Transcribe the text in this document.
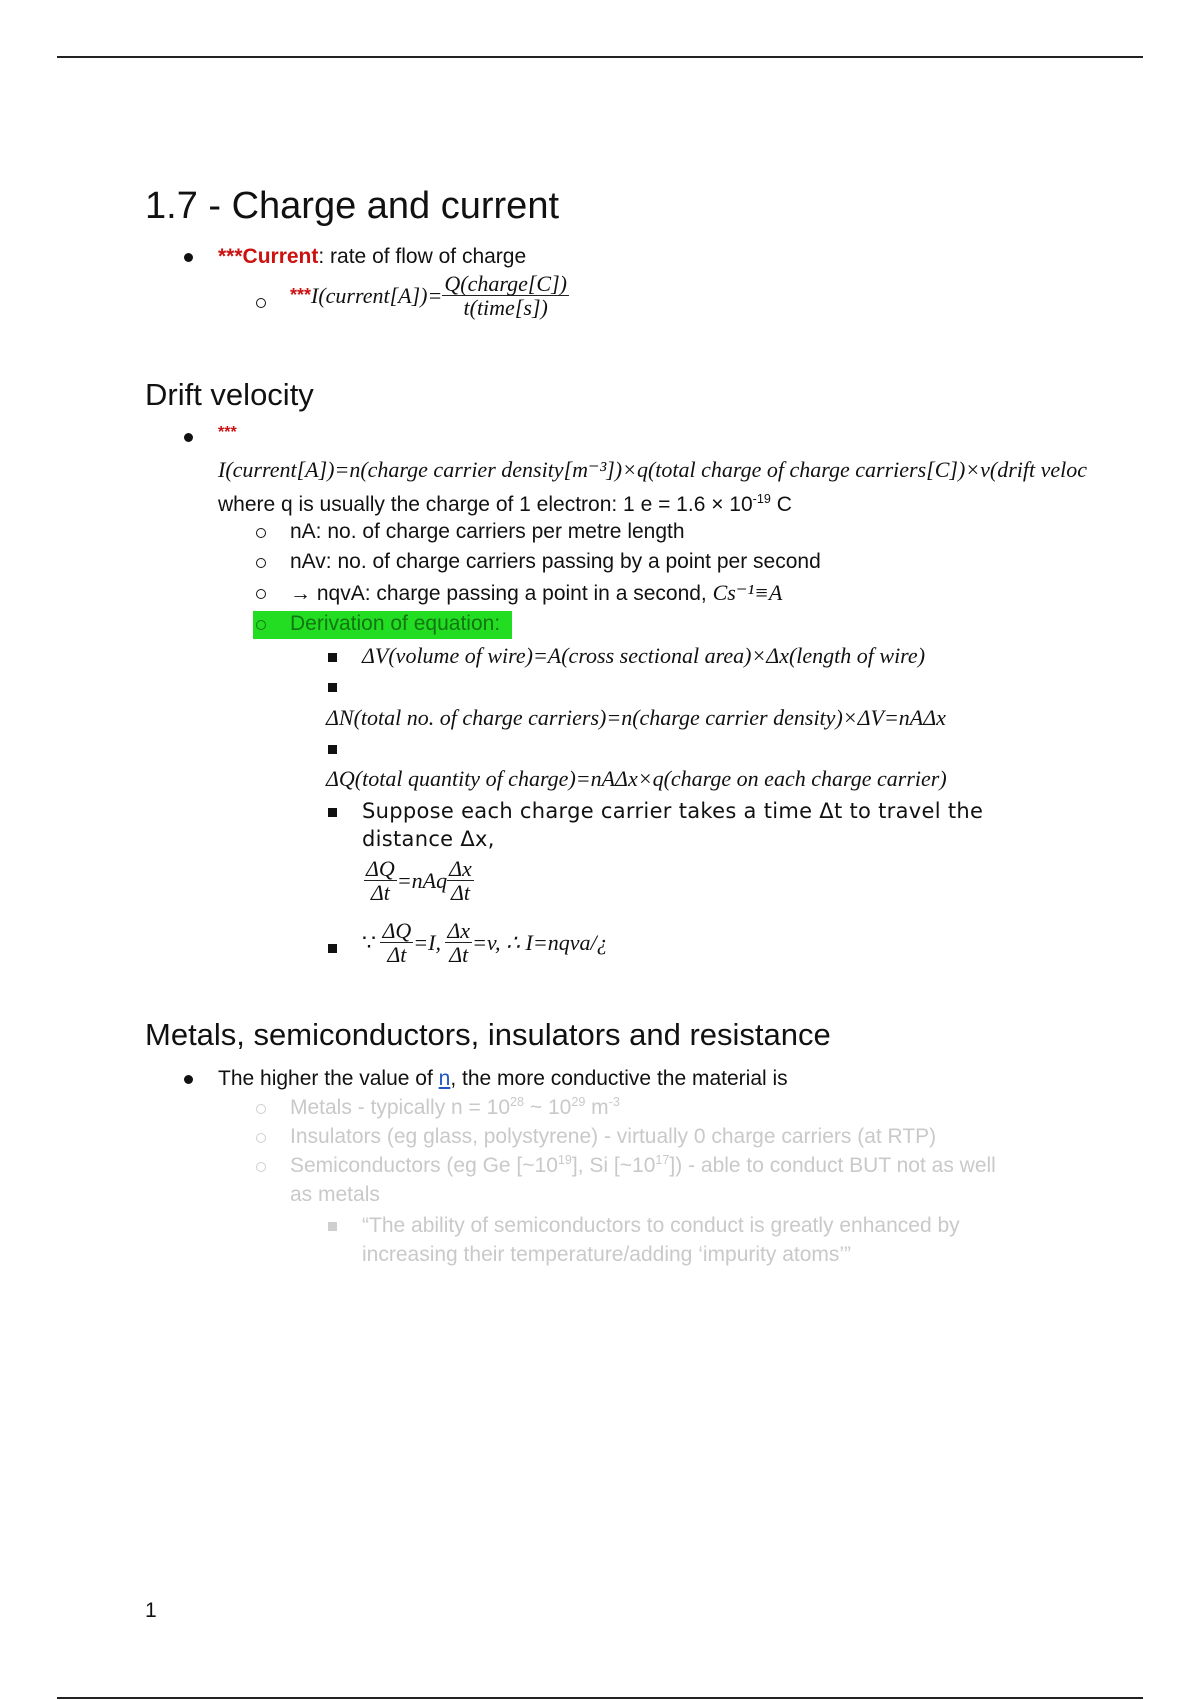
1.7 - Charge and current
***Current: rate of flow of charge
*** I(current[A])= $\frac{\text{Q(charge[C])}}{\text{t(time[s])}}$
Drift velocity
***
I(current[A])=n(charge carrier density[m⁻³])×q(total charge of charge carriers[C])×v(drift veloc
where q is usually the charge of 1 electron: 1 $e = 1.6 \times 10^{-19}$ C
nA: no. of charge carriers per metre length
nAv: no. of charge carriers passing by a point per second
→ nqvA: charge passing a point in a second, Cs⁻¹≡A
Derivation of equation:
ΔV(volume of wire)=A(cross sectional area)×Δx(length of wire)
ΔN(total no. of charge carriers)=n(charge carrier density)×ΔV=nAΔx
ΔQ(total quantity of charge)=nAΔx×q(charge on each charge carrier)
Suppose each charge carrier takes a time Δt to travel the
distance Δx,
$\frac{\Delta Q}{\Delta t} =nAq \frac{\Delta x}{\Delta t}$
∵
$\frac{\Delta Q}{\Delta t} =I$,
$\frac{\Delta x}{\Delta t} =v$, ∴ I=nqva/¿
Metals, semiconductors, insulators and resistance
The higher the value of n, the more conductive the material is
Metals - typically $n = 10^{28}$ ~ $10^{29}$ $m^{-3}$
Insulators (eg glass, polystyrene) - virtually 0 charge carriers (at RTP)
Semiconductors (eg Ge $[\sim 10^{19}]$, Si $[\sim 10^{17}]$) - able to conduct BUT not as well
as metals
“The ability of semiconductors to conduct is greatly enhanced by
increasing their temperature/adding ‘impurity atoms’”
1
